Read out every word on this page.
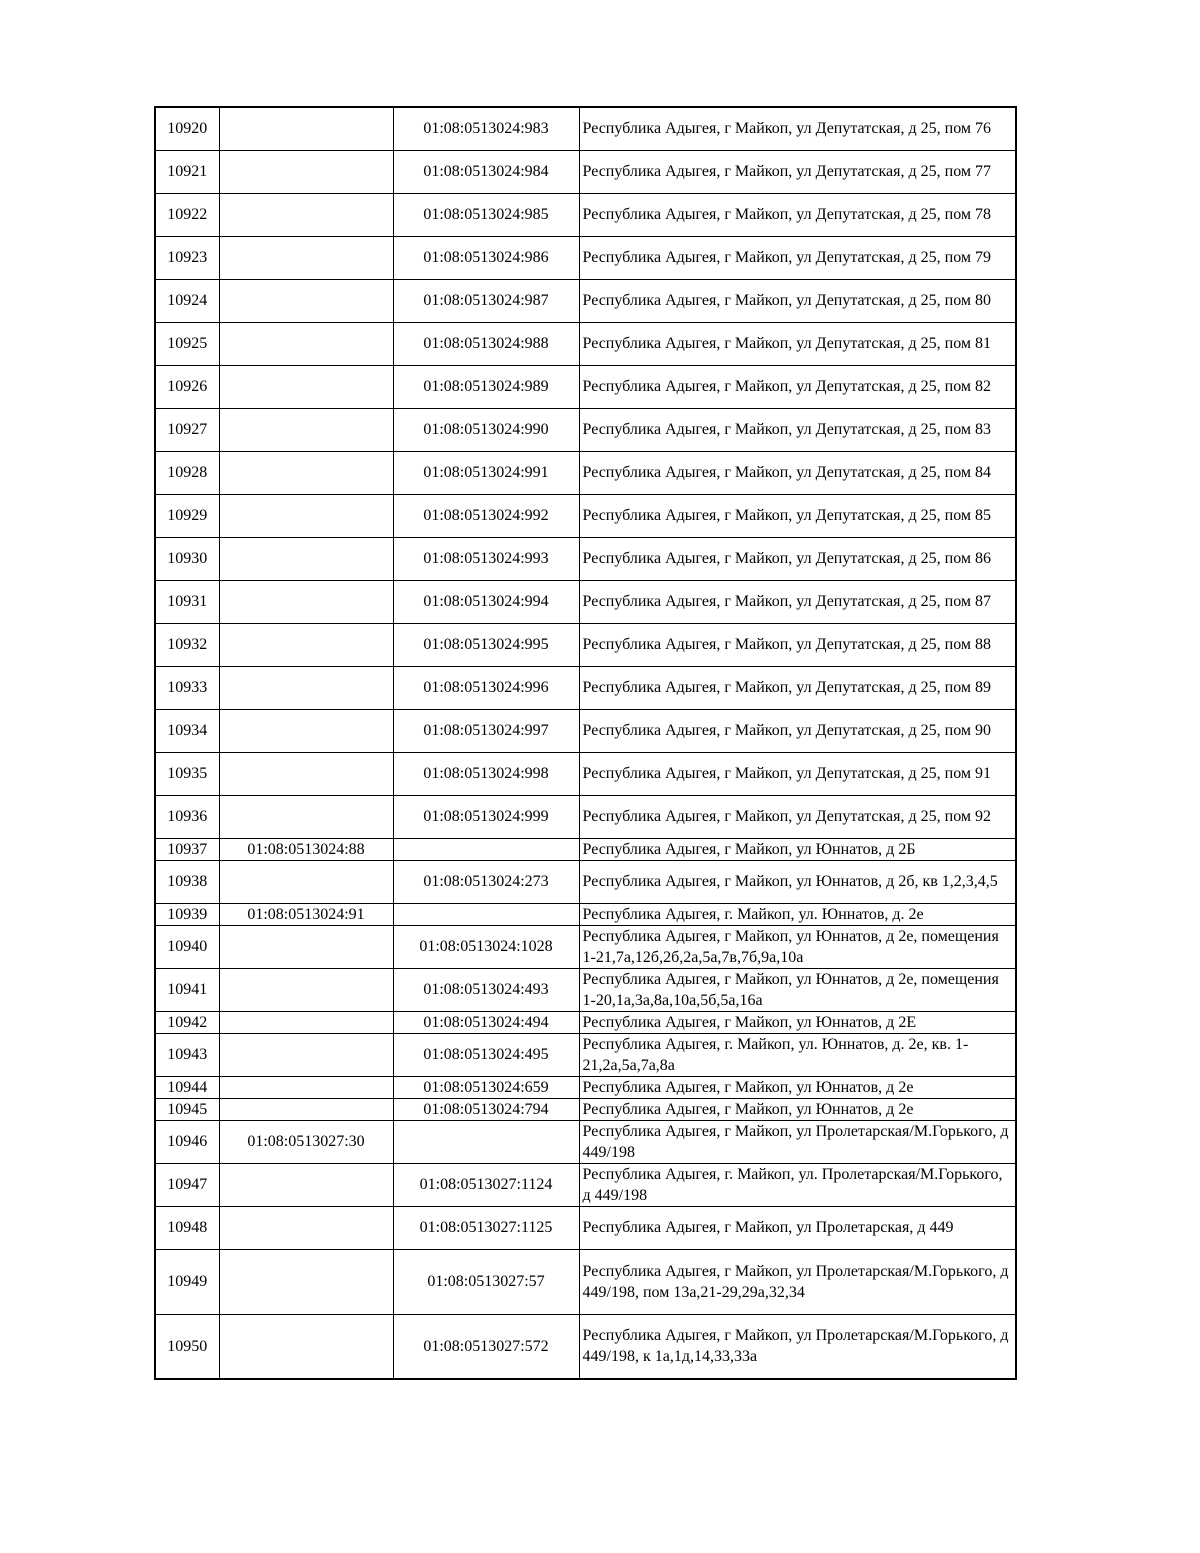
10920		01:08:0513024:983	Республика Адыгея, г Майкоп, ул Депутатская, д 25, пом 76
10921		01:08:0513024:984	Республика Адыгея, г Майкоп, ул Депутатская, д 25, пом 77
10922		01:08:0513024:985	Республика Адыгея, г Майкоп, ул Депутатская, д 25, пом 78
10923		01:08:0513024:986	Республика Адыгея, г Майкоп, ул Депутатская, д 25, пом 79
10924		01:08:0513024:987	Республика Адыгея, г Майкоп, ул Депутатская, д 25, пом 80
10925		01:08:0513024:988	Республика Адыгея, г Майкоп, ул Депутатская, д 25, пом 81
10926		01:08:0513024:989	Республика Адыгея, г Майкоп, ул Депутатская, д 25, пом 82
10927		01:08:0513024:990	Республика Адыгея, г Майкоп, ул Депутатская, д 25, пом 83
10928		01:08:0513024:991	Республика Адыгея, г Майкоп, ул Депутатская, д 25, пом 84
10929		01:08:0513024:992	Республика Адыгея, г Майкоп, ул Депутатская, д 25, пом 85
10930		01:08:0513024:993	Республика Адыгея, г Майкоп, ул Депутатская, д 25, пом 86
10931		01:08:0513024:994	Республика Адыгея, г Майкоп, ул Депутатская, д 25, пом 87
10932		01:08:0513024:995	Республика Адыгея, г Майкоп, ул Депутатская, д 25, пом 88
10933		01:08:0513024:996	Республика Адыгея, г Майкоп, ул Депутатская, д 25, пом 89
10934		01:08:0513024:997	Республика Адыгея, г Майкоп, ул Депутатская, д 25, пом 90
10935		01:08:0513024:998	Республика Адыгея, г Майкоп, ул Депутатская, д 25, пом 91
10936		01:08:0513024:999	Республика Адыгея, г Майкоп, ул Депутатская, д 25, пом 92
10937	01:08:0513024:88		Республика Адыгея, г Майкоп, ул Юннатов, д 2Б
10938		01:08:0513024:273	Республика Адыгея, г Майкоп, ул Юннатов, д 2б, кв 1,2,3,4,5
10939	01:08:0513024:91		Республика Адыгея, г. Майкоп, ул. Юннатов, д. 2е
10940		01:08:0513024:1028	Республика Адыгея, г Майкоп, ул Юннатов, д 2е, помещения 1-21,7а,12б,2б,2а,5а,7в,7б,9а,10а
10941		01:08:0513024:493	Республика Адыгея, г Майкоп, ул Юннатов, д 2е, помещения 1-20,1а,3а,8а,10а,5б,5а,16а
10942		01:08:0513024:494	Республика Адыгея, г Майкоп, ул Юннатов, д 2Е
10943		01:08:0513024:495	Республика Адыгея, г. Майкоп, ул. Юннатов, д. 2е, кв. 1-21,2а,5а,7а,8а
10944		01:08:0513024:659	Республика Адыгея, г Майкоп, ул Юннатов, д 2е
10945		01:08:0513024:794	Республика Адыгея, г Майкоп, ул Юннатов, д 2е
10946	01:08:0513027:30		Республика Адыгея, г Майкоп, ул Пролетарская/М.Горького, д 449/198
10947		01:08:0513027:1124	Республика Адыгея, г. Майкоп, ул. Пролетарская/М.Горького, д 449/198
10948		01:08:0513027:1125	Республика Адыгея, г Майкоп, ул Пролетарская, д 449
10949		01:08:0513027:57	Республика Адыгея, г Майкоп, ул Пролетарская/М.Горького, д 449/198, пом 13а,21-29,29а,32,34
10950		01:08:0513027:572	Республика Адыгея, г Майкоп, ул Пролетарская/М.Горького, д 449/198, к 1а,1д,14,33,33а
